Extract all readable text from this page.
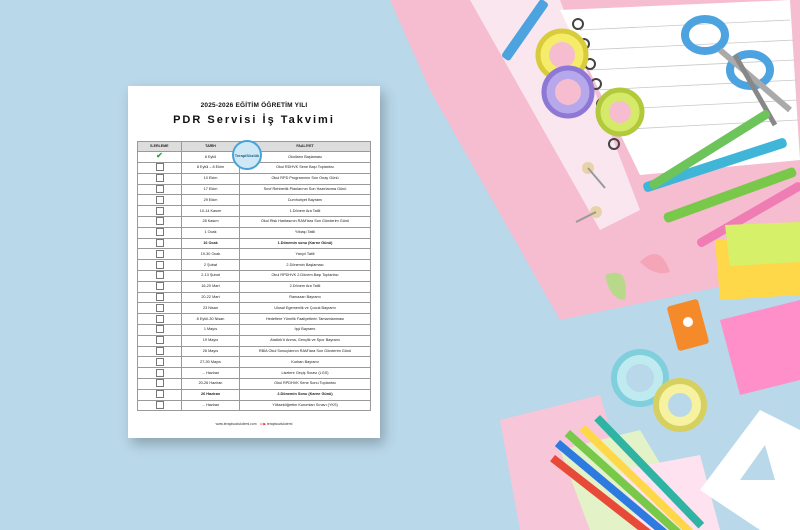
2025-2026 EĞİTİM ÖĞRETİM YILI
PDR Servisi İş Takvimi
İLERLEME	TARİH	FAALİYET
✔	8 Eylül	Okulların Başlaması
	8 Eylül – 8 Ekim	Okul RDHVK Sene Başı Toplantısı
	10 Ekim	Okul RPD Programının Son Onay Günü
	17 Ekim	Sınıf Rehberlik Planlarının Son Hazırlanma Günü
	29 Ekim	Cumhuriyet Bayramı
	10-14 Kasım	1.Dönem Ara Tatili
	28 Kasım	Okul Risk Haritasının RAM'lara Son Gönderim Günü
	1 Ocak	Yılbaşı Tatili
	16 Ocak	1.Dönemin sonu (Karne Günü)
	19-30 Ocak	Yarıyıl Tatili
	2 Şubat	2.Dönemin Başlaması
	2-13 Şubat	Okul RPDHVK 2.Dönem Başı Toplantısı
	16-20 Mart	2.Dönem Ara Tatili
	20-22 Mart	Ramazan Bayramı
	23 Nisan	Ulusal Egemenlik ve Çocuk Bayramı
	8 Eylül-30 Nisan	Hedeflere Yönelik Faaliyetlerin Tamamlanması
	1 Mayıs	İşçi Bayramı
	19 Mayıs	Atatürk'ü Anma, Gençlik ve Spor Bayramı
	26 Mayıs	RBİA Okul Sonuçlarının RAM'lara Son Gönderim Günü
	27-30 Mayıs	Kurban Bayramı
	... Haziran	Liselere Geçiş Sınavı (LGS)
	20-26 Haziran	Okul RPDHVK Sene Sonu Toplantısı
	26 Haziran	2.Dönemin Sonu (Karne Günü)
	... Haziran	Yükseköğretim Kurumları Sınavı (YKS)
TerapiSözlük
www.terapisozlukdemi.com ◘ ▶ terapisozlukdemi
